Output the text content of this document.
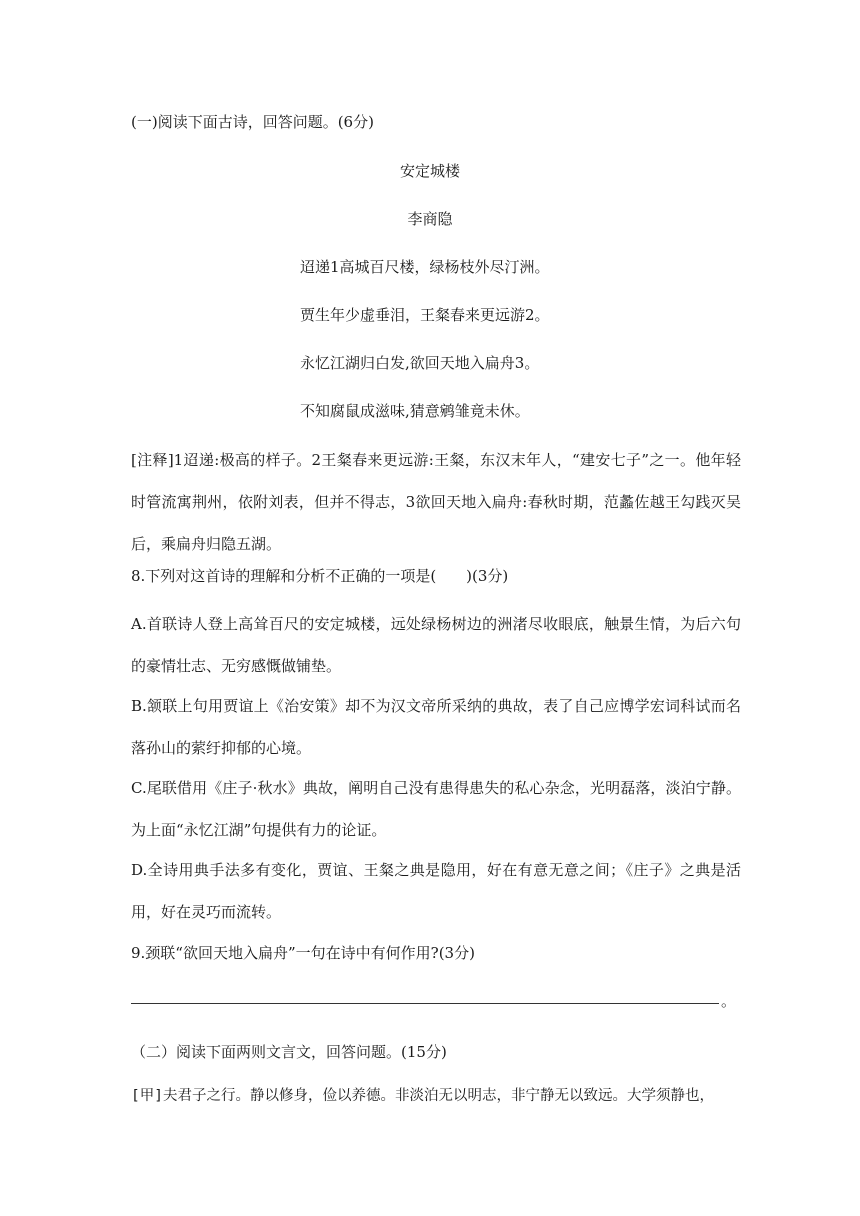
(一)阅读下面古诗，回答问题。(6分)
安定城楼
李商隐
迢递1高城百尺楼，绿杨枝外尽汀洲。
贾生年少虚垂泪，王粲春来更远游2。
永忆江湖归白发,欲回天地入扁舟3。
不知腐鼠成滋味,猜意鹓雏竟未休。
[注释]1迢递:极高的样子。2王粲春来更远游:王粲，东汉末年人，“建安七子”之一。他年轻时管流寓荆州，依附刘表，但并不得志，3欲回天地入扁舟:春秋时期，范蠡佐越王勾践灭吴后，乘扁舟归隐五湖。
8.下列对这首诗的理解和分析不正确的一项是(　　)(3分)
A.首联诗人登上高耸百尺的安定城楼，远处绿杨树边的洲渚尽收眼底，触景生情，为后六句的豪情壮志、无穷感慨做铺垫。
B.颔联上句用贾谊上《治安策》却不为汉文帝所采纳的典故，表了自己应博学宏词科试而名落孙山的萦纡抑郁的心境。
C.尾联借用《庄子·秋水》典故，阐明自己没有患得患失的私心杂念，光明磊落，淡泊宁静。为上面“永忆江湖”句提供有力的论证。
D.全诗用典手法多有变化，贾谊、王粲之典是隐用，好在有意无意之间；《庄子》之典是活用，好在灵巧而流转。
9.颈联“欲回天地入扁舟”一句在诗中有何作用?(3分)
。
（二）阅读下面两则文言文，回答问题。(15分)
[甲]夫君子之行。静以修身，俭以养德。非淡泊无以明志，非宁静无以致远。大学须静也，
